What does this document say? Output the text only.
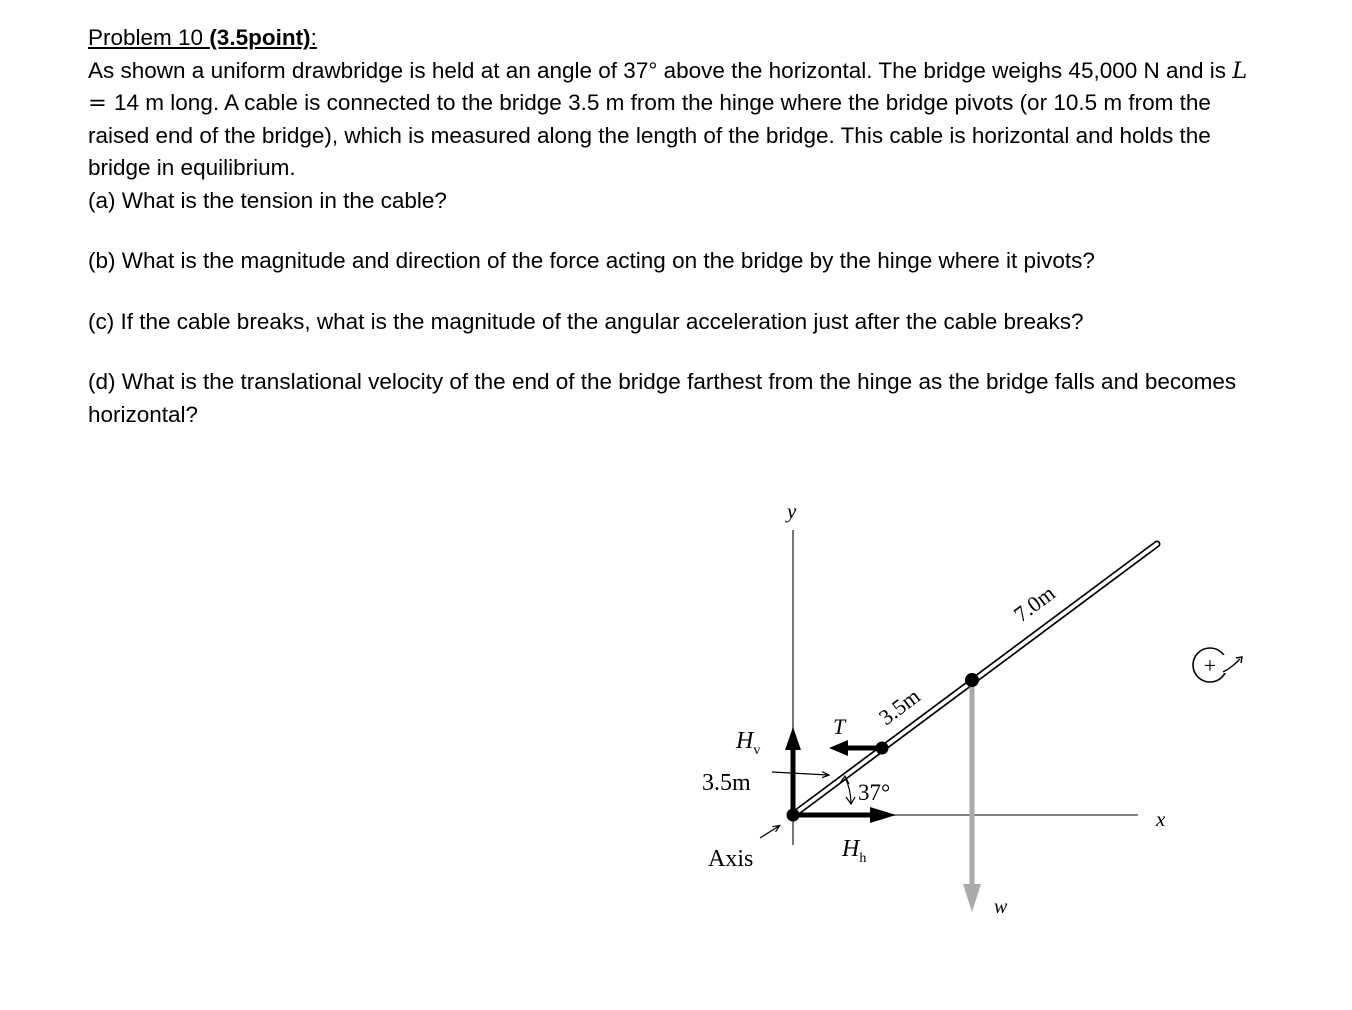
Problem 10 (3.5point):

As shown a uniform drawbridge is held at an angle of 37° above the horizontal. The bridge weighs 45,000 N and is L = 14 m long. A cable is connected to the bridge 3.5 m from the hinge where the bridge pivots (or 10.5 m from the raised end of the bridge), which is measured along the length of the bridge. This cable is horizontal and holds the bridge in equilibrium.

(a) What is the tension in the cable?

(b) What is the magnitude and direction of the force acting on the bridge by the hinge where it pivots?

(c) If the cable breaks, what is the magnitude of the angular acceleration just after the cable breaks?

(d) What is the translational velocity of the end of the bridge farthest from the hinge as the bridge falls and becomes horizontal?

+
y
x
$H_v$
$H_h$
T
w
37°
3.5m
3.5m
7.0m
Axis
